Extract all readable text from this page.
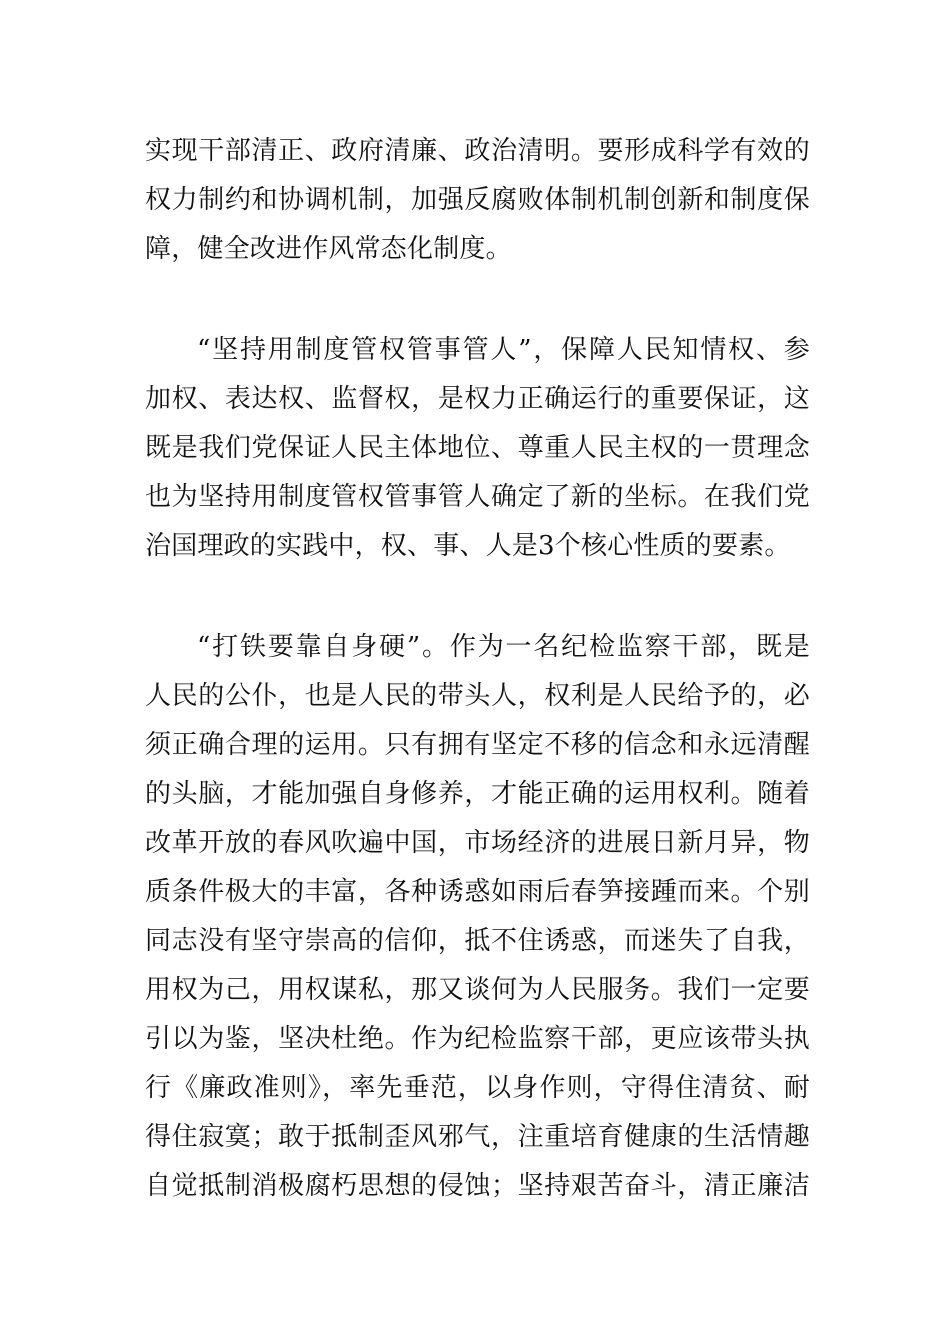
实现干部清正、政府清廉、政治清明。要形成科学有效的
权力制约和协调机制，加强反腐败体制机制创新和制度保
障，健全改进作风常态化制度。
“坚持用制度管权管事管人”，保障人民知情权、参
加权、表达权、监督权，是权力正确运行的重要保证，这
既是我们党保证人民主体地位、尊重人民主权的一贯理念
也为坚持用制度管权管事管人确定了新的坐标。在我们党
治国理政的实践中，权、事、人是3个核心性质的要素。
“打铁要靠自身硬”。作为一名纪检监察干部，既是
人民的公仆，也是人民的带头人，权利是人民给予的，必
须正确合理的运用。只有拥有坚定不移的信念和永远清醒
的头脑，才能加强自身修养，才能正确的运用权利。随着
改革开放的春风吹遍中国，市场经济的进展日新月异，物
质条件极大的丰富，各种诱惑如雨后春笋接踵而来。个别
同志没有坚守崇高的信仰，抵不住诱惑，而迷失了自我，
用权为己，用权谋私，那又谈何为人民服务。我们一定要
引以为鉴，坚决杜绝。作为纪检监察干部，更应该带头执
行《廉政准则》，率先垂范，以身作则，守得住清贫、耐
得住寂寞；敢于抵制歪风邪气，注重培育健康的生活情趣
自觉抵制消极腐朽思想的侵蚀；坚持艰苦奋斗，清正廉洁
